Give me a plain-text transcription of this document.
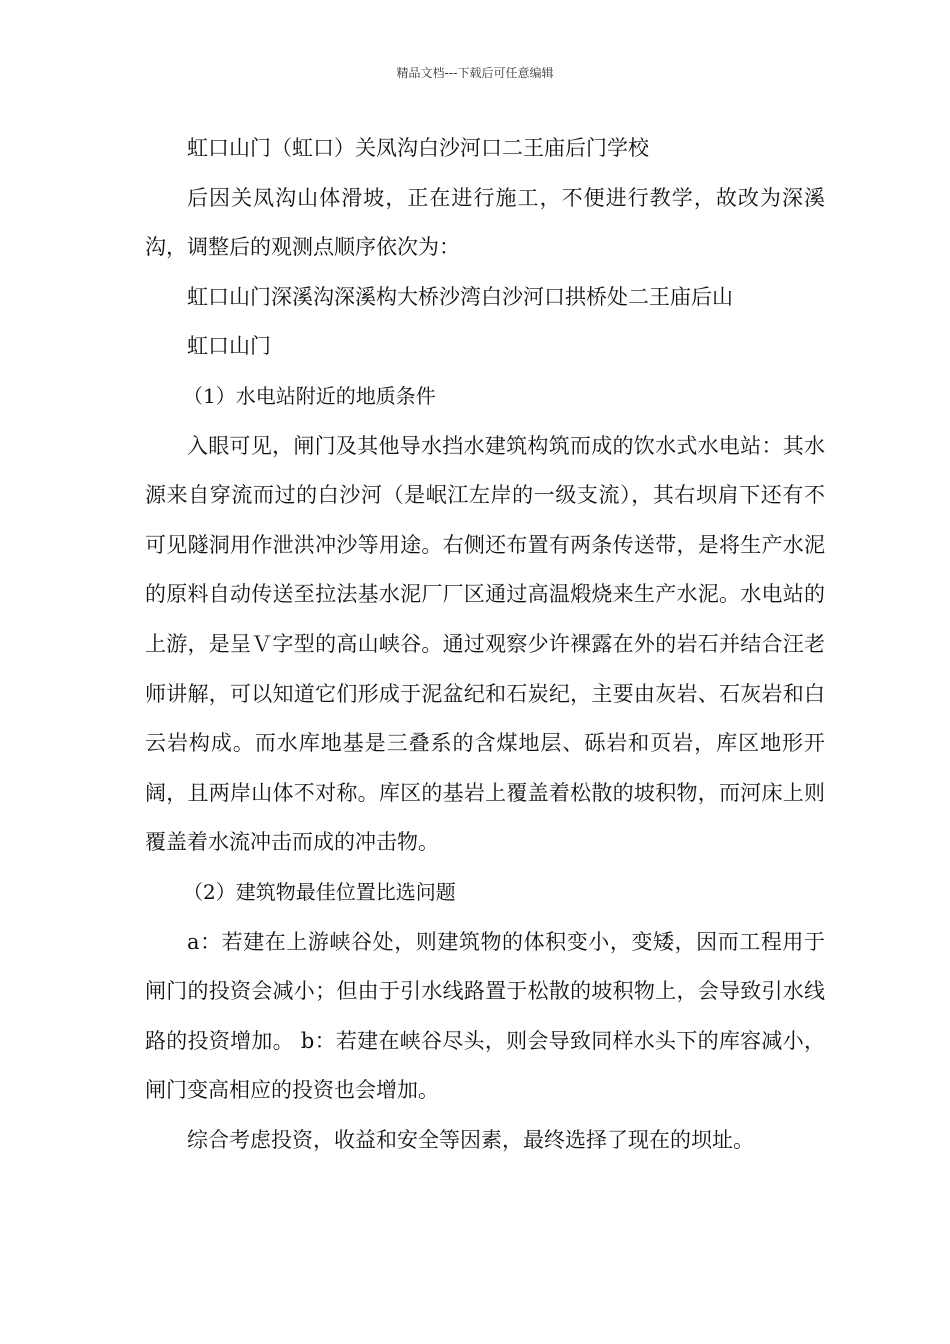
精品文档---下载后可任意编辑

虹口山门（虹口）关凤沟白沙河口二王庙后门学校

后因关凤沟山体滑坡，正在进行施工，不便进行教学，故改为深溪沟，调整后的观测点顺序依次为：

虹口山门深溪沟深溪构大桥沙湾白沙河口拱桥处二王庙后山

虹口山门

（1）水电站附近的地质条件

入眼可见，闸门及其他导水挡水建筑构筑而成的饮水式水电站：其水源来自穿流而过的白沙河（是岷江左岸的一级支流），其右坝肩下还有不可见隧洞用作泄洪冲沙等用途。右侧还布置有两条传送带，是将生产水泥的原料自动传送至拉法基水泥厂厂区通过高温煅烧来生产水泥。水电站的上游，是呈Ｖ字型的高山峡谷。通过观察少许裸露在外的岩石并结合汪老师讲解，可以知道它们形成于泥盆纪和石炭纪，主要由灰岩、石灰岩和白云岩构成。而水库地基是三叠系的含煤地层、砾岩和页岩，库区地形开阔，且两岸山体不对称。库区的基岩上覆盖着松散的坡积物，而河床上则覆盖着水流冲击而成的冲击物。

（2）建筑物最佳位置比选问题

a：若建在上游峡谷处，则建筑物的体积变小，变矮，因而工程用于闸门的投资会减小；但由于引水线路置于松散的坡积物上，会导致引水线路的投资增加。 b：若建在峡谷尽头，则会导致同样水头下的库容减小，闸门变高相应的投资也会增加。

综合考虑投资，收益和安全等因素，最终选择了现在的坝址。
